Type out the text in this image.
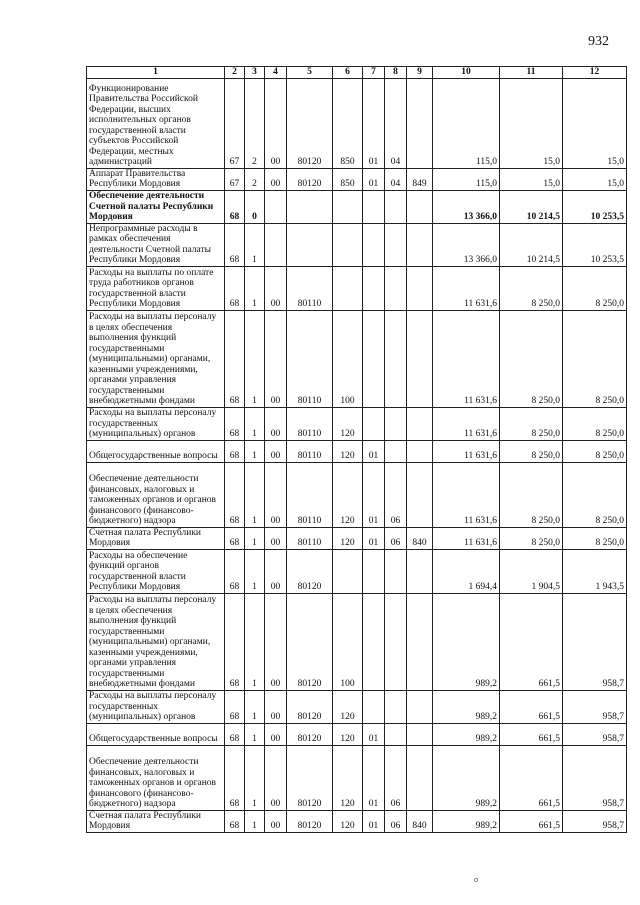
932
1	2	3	4	5	6	7	8	9	10	11	12
Функционирование Правительства Российской Федерации, высших исполнительных органов государственной власти субъектов Российской Федерации, местных администраций	67	2	00	80120	850	01	04		115,0	15,0	15,0
Аппарат Правительства Республики Мордовия	67	2	00	80120	850	01	04	849	115,0	15,0	15,0
Обеспечение деятельности Счетной палаты Республики Мордовия	68	0							13 366,0	10 214,5	10 253,5
Непрограммные расходы в рамках обеспечения деятельности Счетной палаты Республики Мордовия	68	1							13 366,0	10 214,5	10 253,5
Расходы на выплаты по оплате труда работников органов государственной власти Республики Мордовия	68	1	00	80110					11 631,6	8 250,0	8 250,0
Расходы на выплаты персоналу в целях обеспечения выполнения функций государственными (муниципальными) органами, казенными учреждениями, органами управления государственными внебюджетными фондами	68	1	00	80110	100				11 631,6	8 250,0	8 250,0
Расходы на выплаты персоналу государственных (муниципальных) органов	68	1	00	80110	120				11 631,6	8 250,0	8 250,0
Общегосударственные вопросы	68	1	00	80110	120	01			11 631,6	8 250,0	8 250,0
Обеспечение деятельности финансовых, налоговых и таможенных органов и органов финансового (финансово-бюджетного) надзора	68	1	00	80110	120	01	06		11 631,6	8 250,0	8 250,0
Счетная палата Республики Мордовия	68	1	00	80110	120	01	06	840	11 631,6	8 250,0	8 250,0
Расходы на обеспечение функций органов государственной власти Республики Мордовия	68	1	00	80120					1 694,4	1 904,5	1 943,5
Расходы на выплаты персоналу в целях обеспечения выполнения функций государственными (муниципальными) органами, казенными учреждениями, органами управления государственными внебюджетными фондами	68	1	00	80120	100				989,2	661,5	958,7
Расходы на выплаты персоналу государственных (муниципальных) органов	68	1	00	80120	120				989,2	661,5	958,7
Общегосударственные вопросы	68	1	00	80120	120	01			989,2	661,5	958,7
Обеспечение деятельности финансовых, налоговых и таможенных органов и органов финансового (финансово-бюджетного) надзора	68	1	00	80120	120	01	06		989,2	661,5	958,7
Счетная палата Республики Мордовия	68	1	00	80120	120	01	06	840	989,2	661,5	958,7
σ
